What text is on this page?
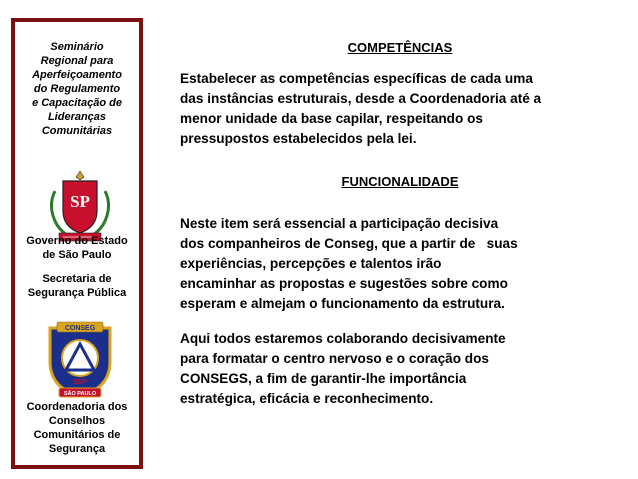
Seminário
Regional para
Aperfeiçoamento
do Regulamento
e Capacitação de
Lideranças
Comunitárias
SP
Governo do Estado
de São Paulo
Secretaria de
Segurança Pública
CONSEG
SSP
SÃO PAULO
Coordenadoria dos
Conselhos
Comunitários de
Segurança
COMPETÊNCIAS
Estabelecer as competências específicas de cada uma
das instâncias estruturais, desde a Coordenadoria até a
menor unidade da base capilar, respeitando os
pressupostos estabelecidos pela lei.
FUNCIONALIDADE
Neste item será essencial a participação decisiva
dos companheiros de Conseg, que a partir de   suas
experiências, percepções e talentos irão
encaminhar as propostas e sugestões sobre como
esperam e almejam o funcionamento da estrutura.
Aqui todos estaremos colaborando decisivamente
para formatar o centro nervoso e o coração dos
CONSEGS, a fim de garantir-lhe importância
estratégica, eficácia e reconhecimento.
